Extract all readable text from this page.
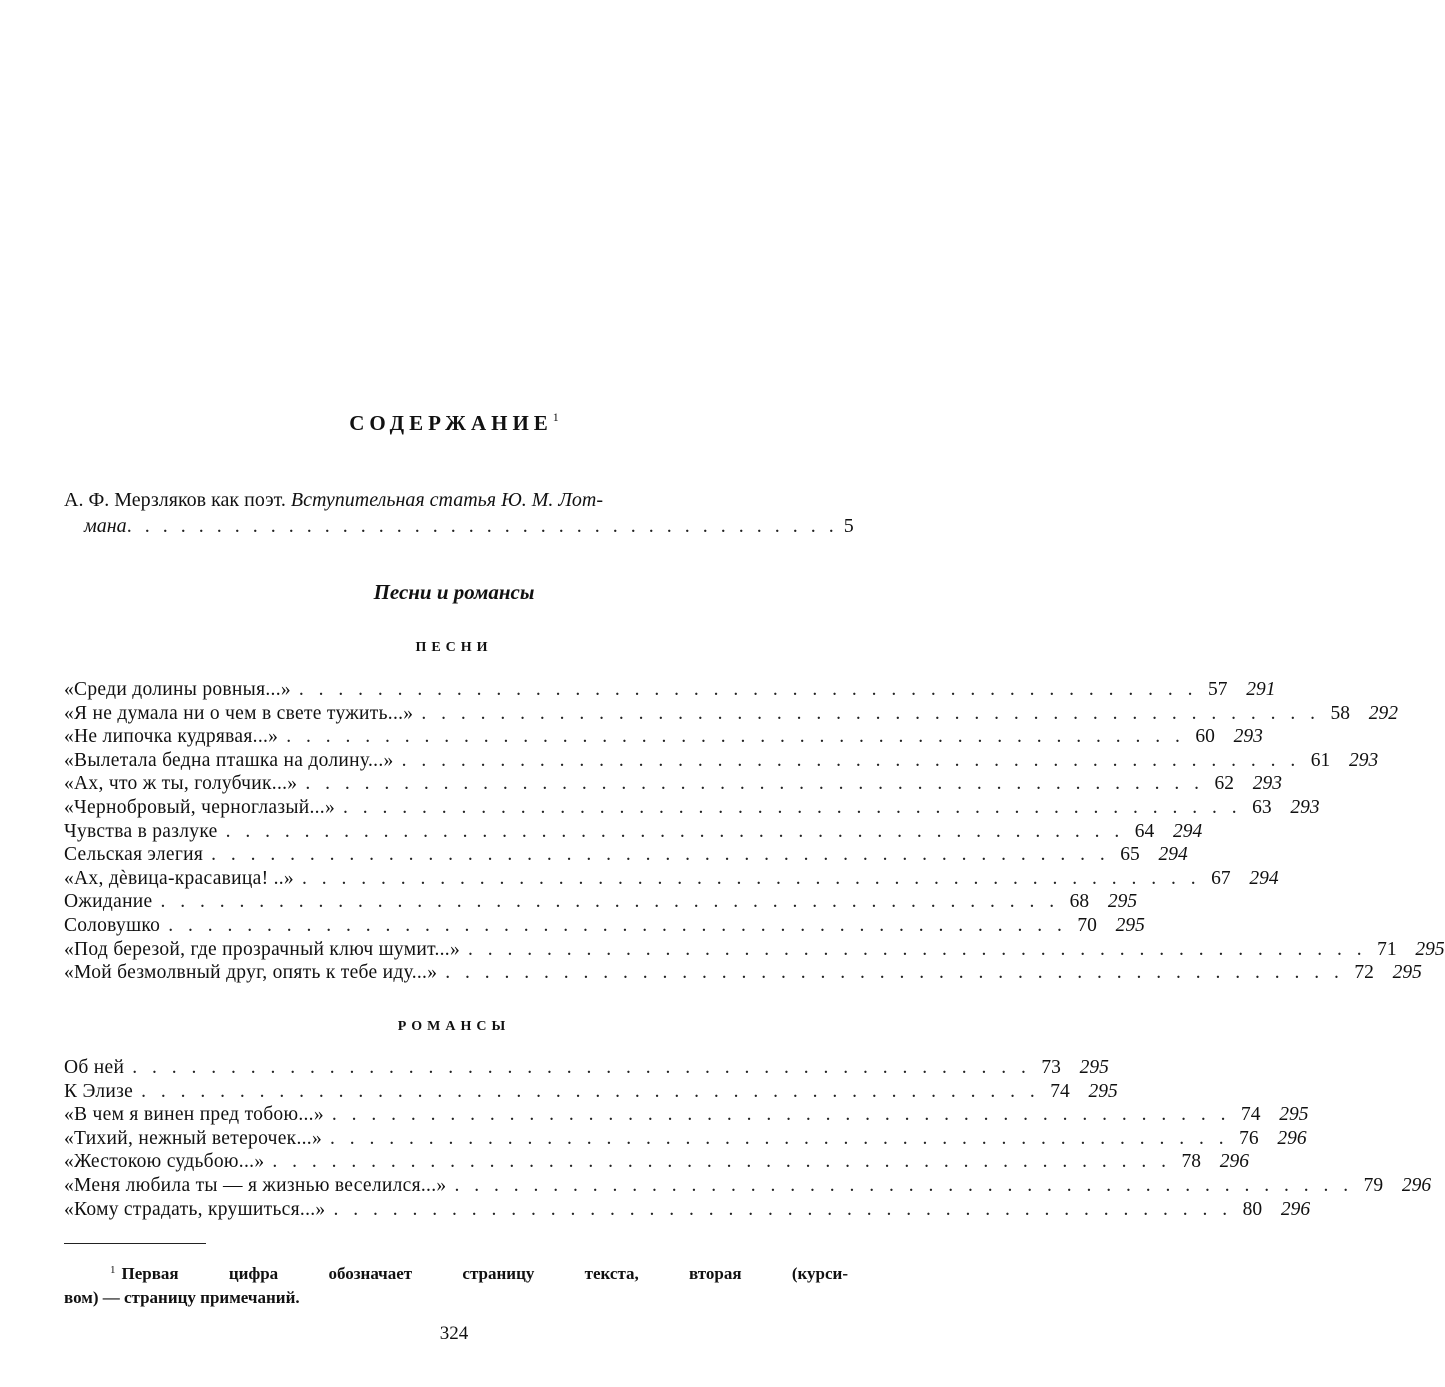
СОДЕРЖАНИЕ$^1$
А. Ф. Мерзляков как поэт. Вступительная статья Ю. М. Лот-
мана . . . . . . . . . . . . . . . . . . . . . . . . . . . . . . . . . . . . . . . . 5
Песни и романсы
ПЕСНИ
«Среди долины ровныя...» . . . . . . . . . . . . . . . . . . . . . . . . . . . . . . . . . . . . . . . . . . . . . . 57 291
«Я не думала ни о чем в свете тужить...» . . . . . . . . . . . . . . . . . . . . . . . . . . . . . . . . . . . . . . . . . . . . . . 58 292
«Не липочка кудрявая...» . . . . . . . . . . . . . . . . . . . . . . . . . . . . . . . . . . . . . . . . . . . . . . 60 293
«Вылетала бедна пташка на долину...» . . . . . . . . . . . . . . . . . . . . . . . . . . . . . . . . . . . . . . . . . . . . . . 61 293
«Ах, что ж ты, голубчик...» . . . . . . . . . . . . . . . . . . . . . . . . . . . . . . . . . . . . . . . . . . . . . . 62 293
«Чернобровый, черноглазый...» . . . . . . . . . . . . . . . . . . . . . . . . . . . . . . . . . . . . . . . . . . . . . . 63 293
Чувства в разлуке . . . . . . . . . . . . . . . . . . . . . . . . . . . . . . . . . . . . . . . . . . . . . . 64 294
Сельская элегия . . . . . . . . . . . . . . . . . . . . . . . . . . . . . . . . . . . . . . . . . . . . . . 65 294
«Ах, дѐвица-красавица! ..» . . . . . . . . . . . . . . . . . . . . . . . . . . . . . . . . . . . . . . . . . . . . . . 67 294
Ожидание . . . . . . . . . . . . . . . . . . . . . . . . . . . . . . . . . . . . . . . . . . . . . . 68 295
Соловушко . . . . . . . . . . . . . . . . . . . . . . . . . . . . . . . . . . . . . . . . . . . . . . 70 295
«Под березой, где прозрачный ключ шумит...» . . . . . . . . . . . . . . . . . . . . . . . . . . . . . . . . . . . . . . . . . . . . . . 71 295
«Мой безмолвный друг, опять к тебе иду...» . . . . . . . . . . . . . . . . . . . . . . . . . . . . . . . . . . . . . . . . . . . . . . 72 295
РОМАНСЫ
Об ней . . . . . . . . . . . . . . . . . . . . . . . . . . . . . . . . . . . . . . . . . . . . . . 73 295
К Элизе . . . . . . . . . . . . . . . . . . . . . . . . . . . . . . . . . . . . . . . . . . . . . . 74 295
«В чем я винен пред тобою...» . . . . . . . . . . . . . . . . . . . . . . . . . . . . . . . . . . . . . . . . . . . . . . 74 295
«Тихий, нежный ветерочек...» . . . . . . . . . . . . . . . . . . . . . . . . . . . . . . . . . . . . . . . . . . . . . . 76 296
«Жестокою судьбою...» . . . . . . . . . . . . . . . . . . . . . . . . . . . . . . . . . . . . . . . . . . . . . . 78 296
«Меня любила ты — я жизнью веселился...» . . . . . . . . . . . . . . . . . . . . . . . . . . . . . . . . . . . . . . . . . . . . . . 79 296
«Кому страдать, крушиться...» . . . . . . . . . . . . . . . . . . . . . . . . . . . . . . . . . . . . . . . . . . . . . . 80 296
$^1$ Первая цифра обозначает страницу текста, вторая (курси-
вом) — страницу примечаний.
324
